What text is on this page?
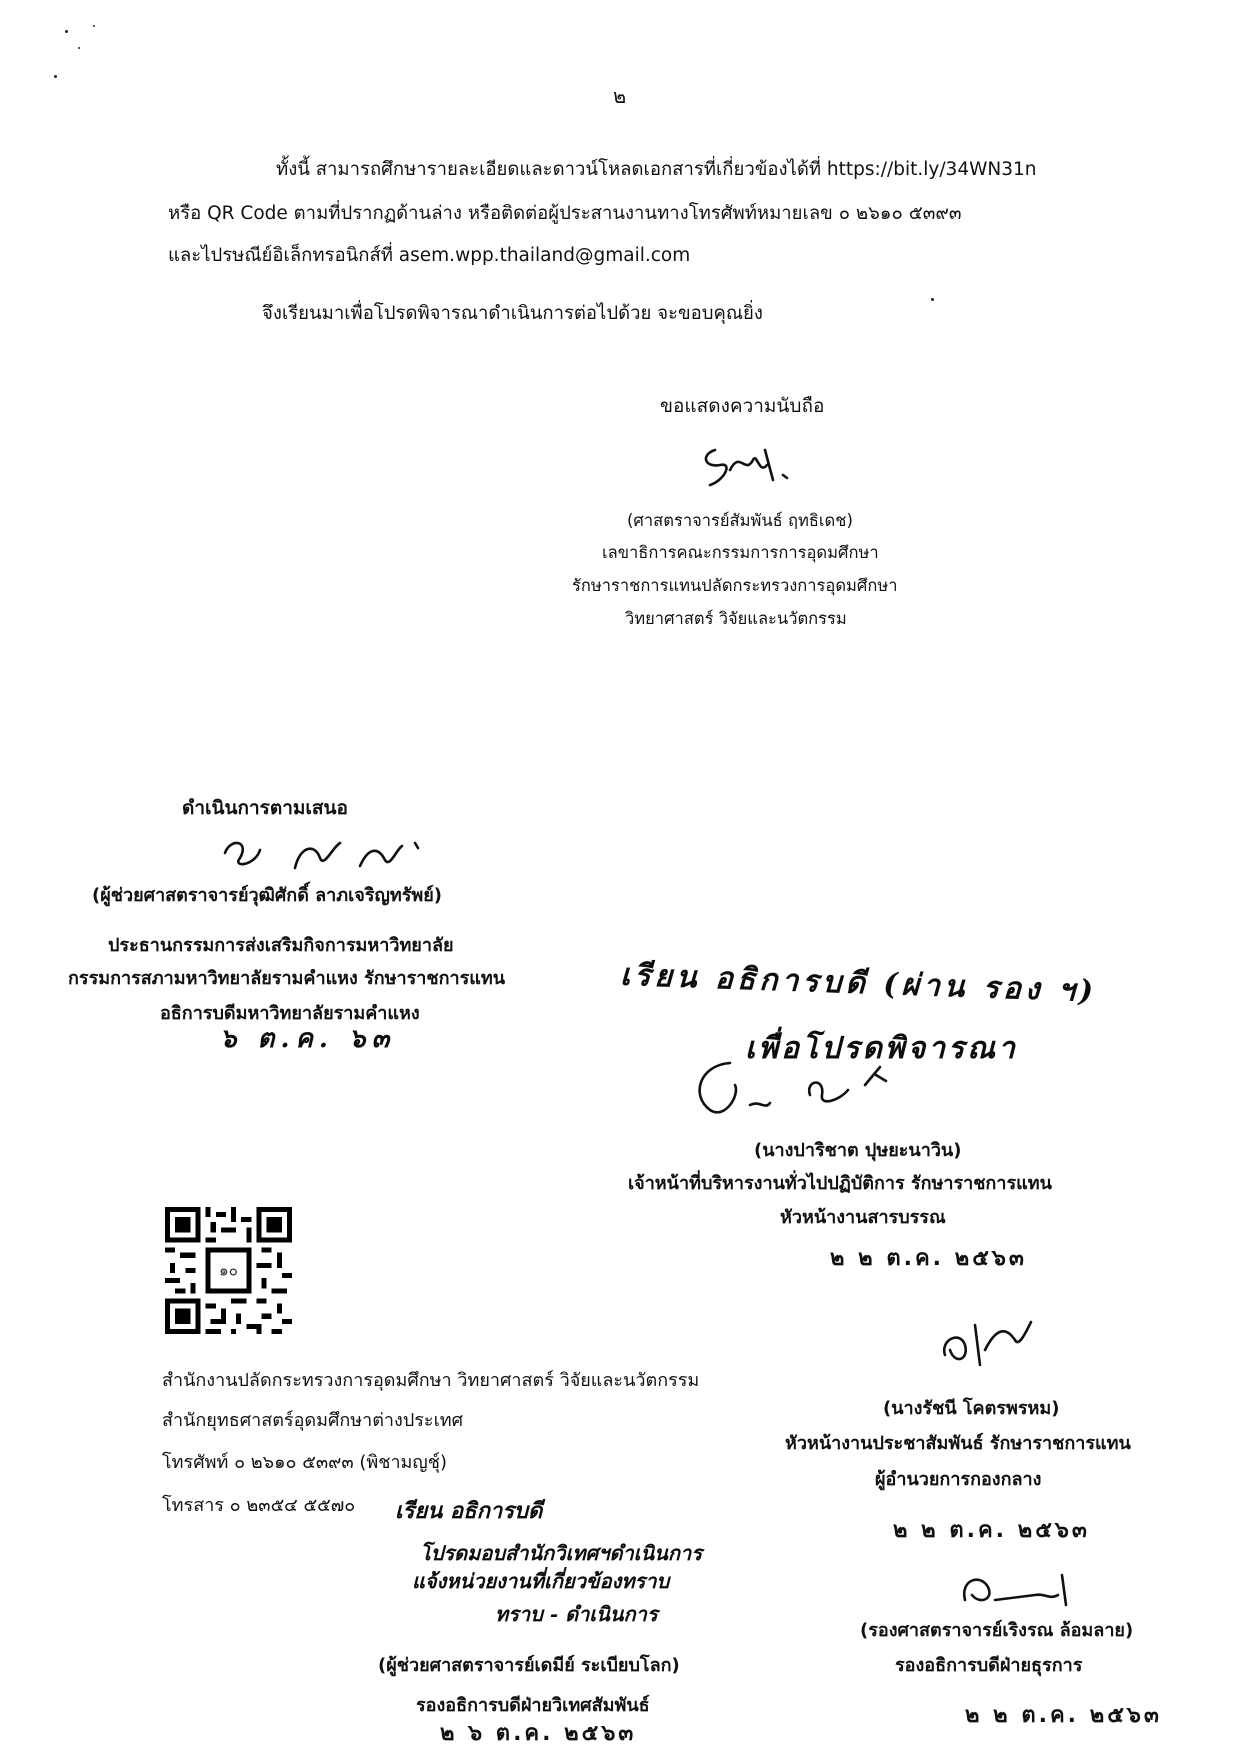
๒
ทั้งนี้ สามารถศึกษารายละเอียดและดาวน์โหลดเอกสารที่เกี่ยวข้องได้ที่ https://bit.ly/34WN31n
หรือ QR Code ตามที่ปรากฏด้านล่าง หรือติดต่อผู้ประสานงานทางโทรศัพท์หมายเลข ๐ ๒๖๑๐ ๕๓๙๓
และไปรษณีย์อิเล็กทรอนิกส์ที่ asem.wpp.thailand@gmail.com
จึงเรียนมาเพื่อโปรดพิจารณาดำเนินการต่อไปด้วย จะขอบคุณยิ่ง
ขอแสดงความนับถือ
(ศาสตราจารย์สัมพันธ์ ฤทธิเดช)
เลขาธิการคณะกรรมการการอุดมศึกษา
รักษาราชการแทนปลัดกระทรวงการอุดมศึกษา
วิทยาศาสตร์ วิจัยและนวัตกรรม
ดำเนินการตามเสนอ
(ผู้ช่วยศาสตราจารย์วุฒิศักดิ์ ลาภเจริญทรัพย์)
ประธานกรรมการส่งเสริมกิจการมหาวิทยาลัย
กรรมการสภามหาวิทยาลัยรามคำแหง รักษาราชการแทน
อธิการบดีมหาวิทยาลัยรามคำแหง
๖ ต.ค. ๖๓
เรียน อธิการบดี (ผ่าน รอง ฯ)
เพื่อโปรดพิจารณา
(นางปาริชาต ปุษยะนาวิน)
เจ้าหน้าที่บริหารงานทั่วไปปฏิบัติการ รักษาราชการแทน
หัวหน้างานสารบรรณ
๒ ๒ ต.ค. ๒๕๖๓
๑๐
สำนักงานปลัดกระทรวงการอุดมศึกษา วิทยาศาสตร์ วิจัยและนวัตกรรม
สำนักยุทธศาสตร์อุดมศึกษาต่างประเทศ
โทรศัพท์ ๐ ๒๖๑๐ ๕๓๙๓ (พิชามญชุ์)
โทรสาร ๐ ๒๓๕๔ ๕๕๗๐
(นางรัชนี โคตรพรหม)
หัวหน้างานประชาสัมพันธ์ รักษาราชการแทน
ผู้อำนวยการกองกลาง
๒ ๒ ต.ค. ๒๕๖๓
(รองศาสตราจารย์เริงรณ ล้อมลาย)
รองอธิการบดีฝ่ายธุรการ
๒ ๒ ต.ค. ๒๕๖๓
เรียน อธิการบดี
โปรดมอบสำนักวิเทศฯดำเนินการ
แจ้งหน่วยงานที่เกี่ยวข้องทราบ
ทราบ - ดำเนินการ
(ผู้ช่วยศาสตราจารย์เดมีย์ ระเบียบโลก)
รองอธิการบดีฝ่ายวิเทศสัมพันธ์
๒ ๖ ต.ค. ๒๕๖๓
